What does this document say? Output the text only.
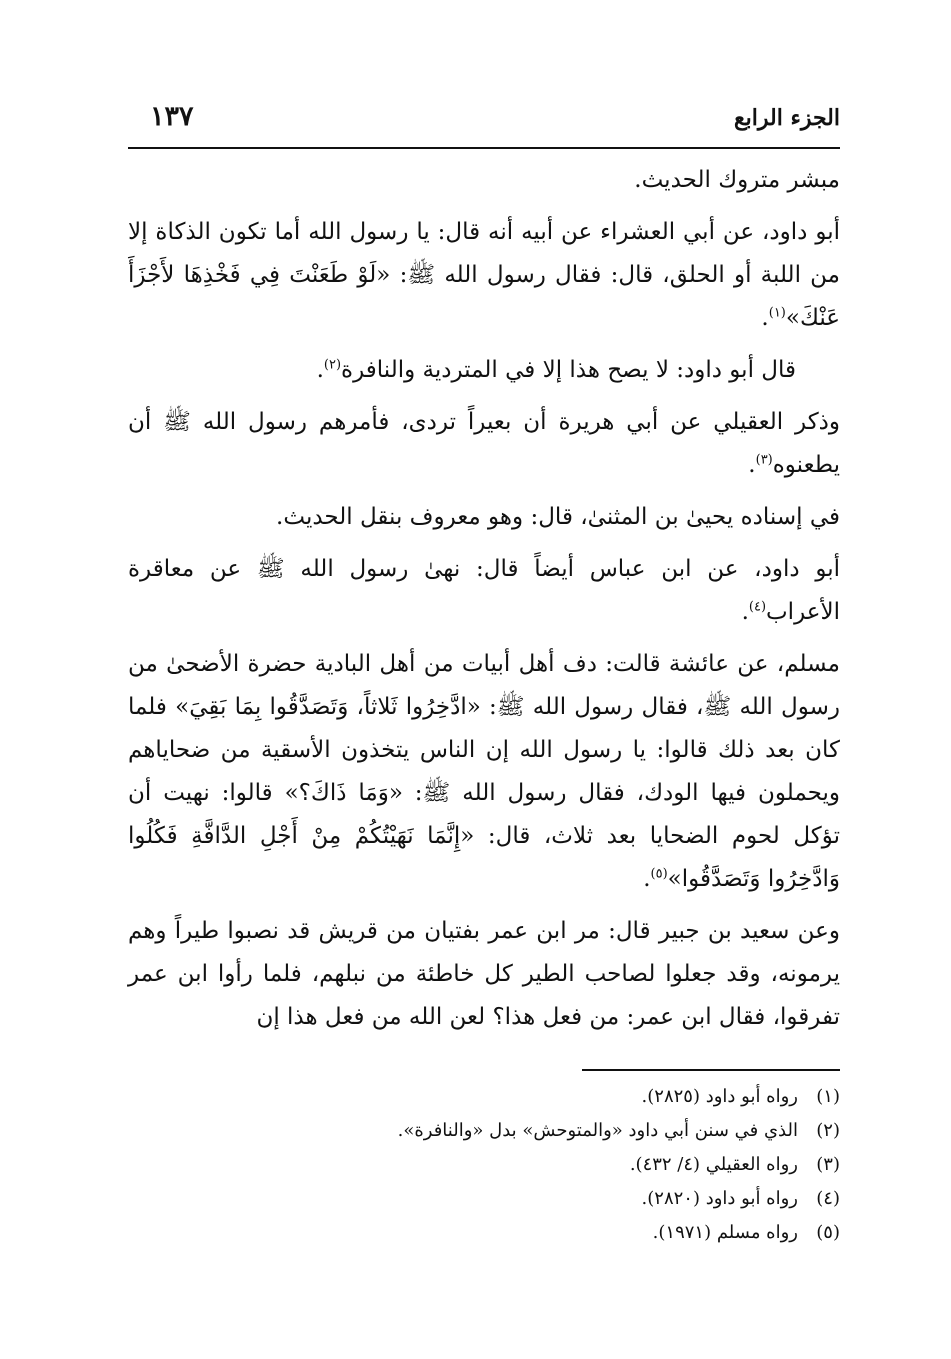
الجزء الرابع
١٣٧

مبشر متروك الحديث.

أبو داود، عن أبي العشراء عن أبيه أنه قال: يا رسول الله أما تكون الذكاة إلا من اللبة أو الحلق، قال: فقال رسول الله ﷺ: «لَوْ طَعَنْتَ فِي فَخْذِهَا لأَجْزَأَ عَنْكَ»$^{(١)}$.

قال أبو داود: لا يصح هذا إلا في المتردية والنافرة$^{(٢)}$.

وذكر العقيلي عن أبي هريرة أن بعيراً تردى، فأمرهم رسول الله ﷺ أن يطعنوه$^{(٣)}$.

في إسناده يحيىٰ بن المثنىٰ، قال: وهو معروف بنقل الحديث.

أبو داود، عن ابن عباس أيضاً قال: نهىٰ رسول الله ﷺ عن معاقرة الأعراب$^{(٤)}$.

مسلم، عن عائشة قالت: دف أهل أبيات من أهل البادية حضرة الأضحىٰ من رسول الله ﷺ، فقال رسول الله ﷺ: «ادَّخِرُوا ثَلاثاً، وَتَصَدَّقُوا بِمَا بَقِيَ» فلما كان بعد ذلك قالوا: يا رسول الله إن الناس يتخذون الأسقية من ضحاياهم ويحملون فيها الودك، فقال رسول الله ﷺ: «وَمَا ذَاكَ؟» قالوا: نهيت أن تؤكل لحوم الضحايا بعد ثلاث، قال: «إِنَّمَا نَهَيْتُكُمْ مِنْ أَجْلِ الدَّافَّةِ فَكُلُوا وَادَّخِرُوا وَتَصَدَّقُوا»$^{(٥)}$.

وعن سعيد بن جبير قال: مر ابن عمر بفتيان من قريش قد نصبوا طيراً وهم يرمونه، وقد جعلوا لصاحب الطير كل خاطئة من نبلهم، فلما رأوا ابن عمر تفرقوا، فقال ابن عمر: من فعل هذا؟ لعن الله من فعل هذا إن

(١)رواه أبو داود (٢٨٢٥).
(٢)الذي في سنن أبي داود «والمتوحش» بدل «والنافرة».
(٣)رواه العقيلي (٤/ ٤٣٢).
(٤)رواه أبو داود (٢٨٢٠).
(٥)رواه مسلم (١٩٧١).
